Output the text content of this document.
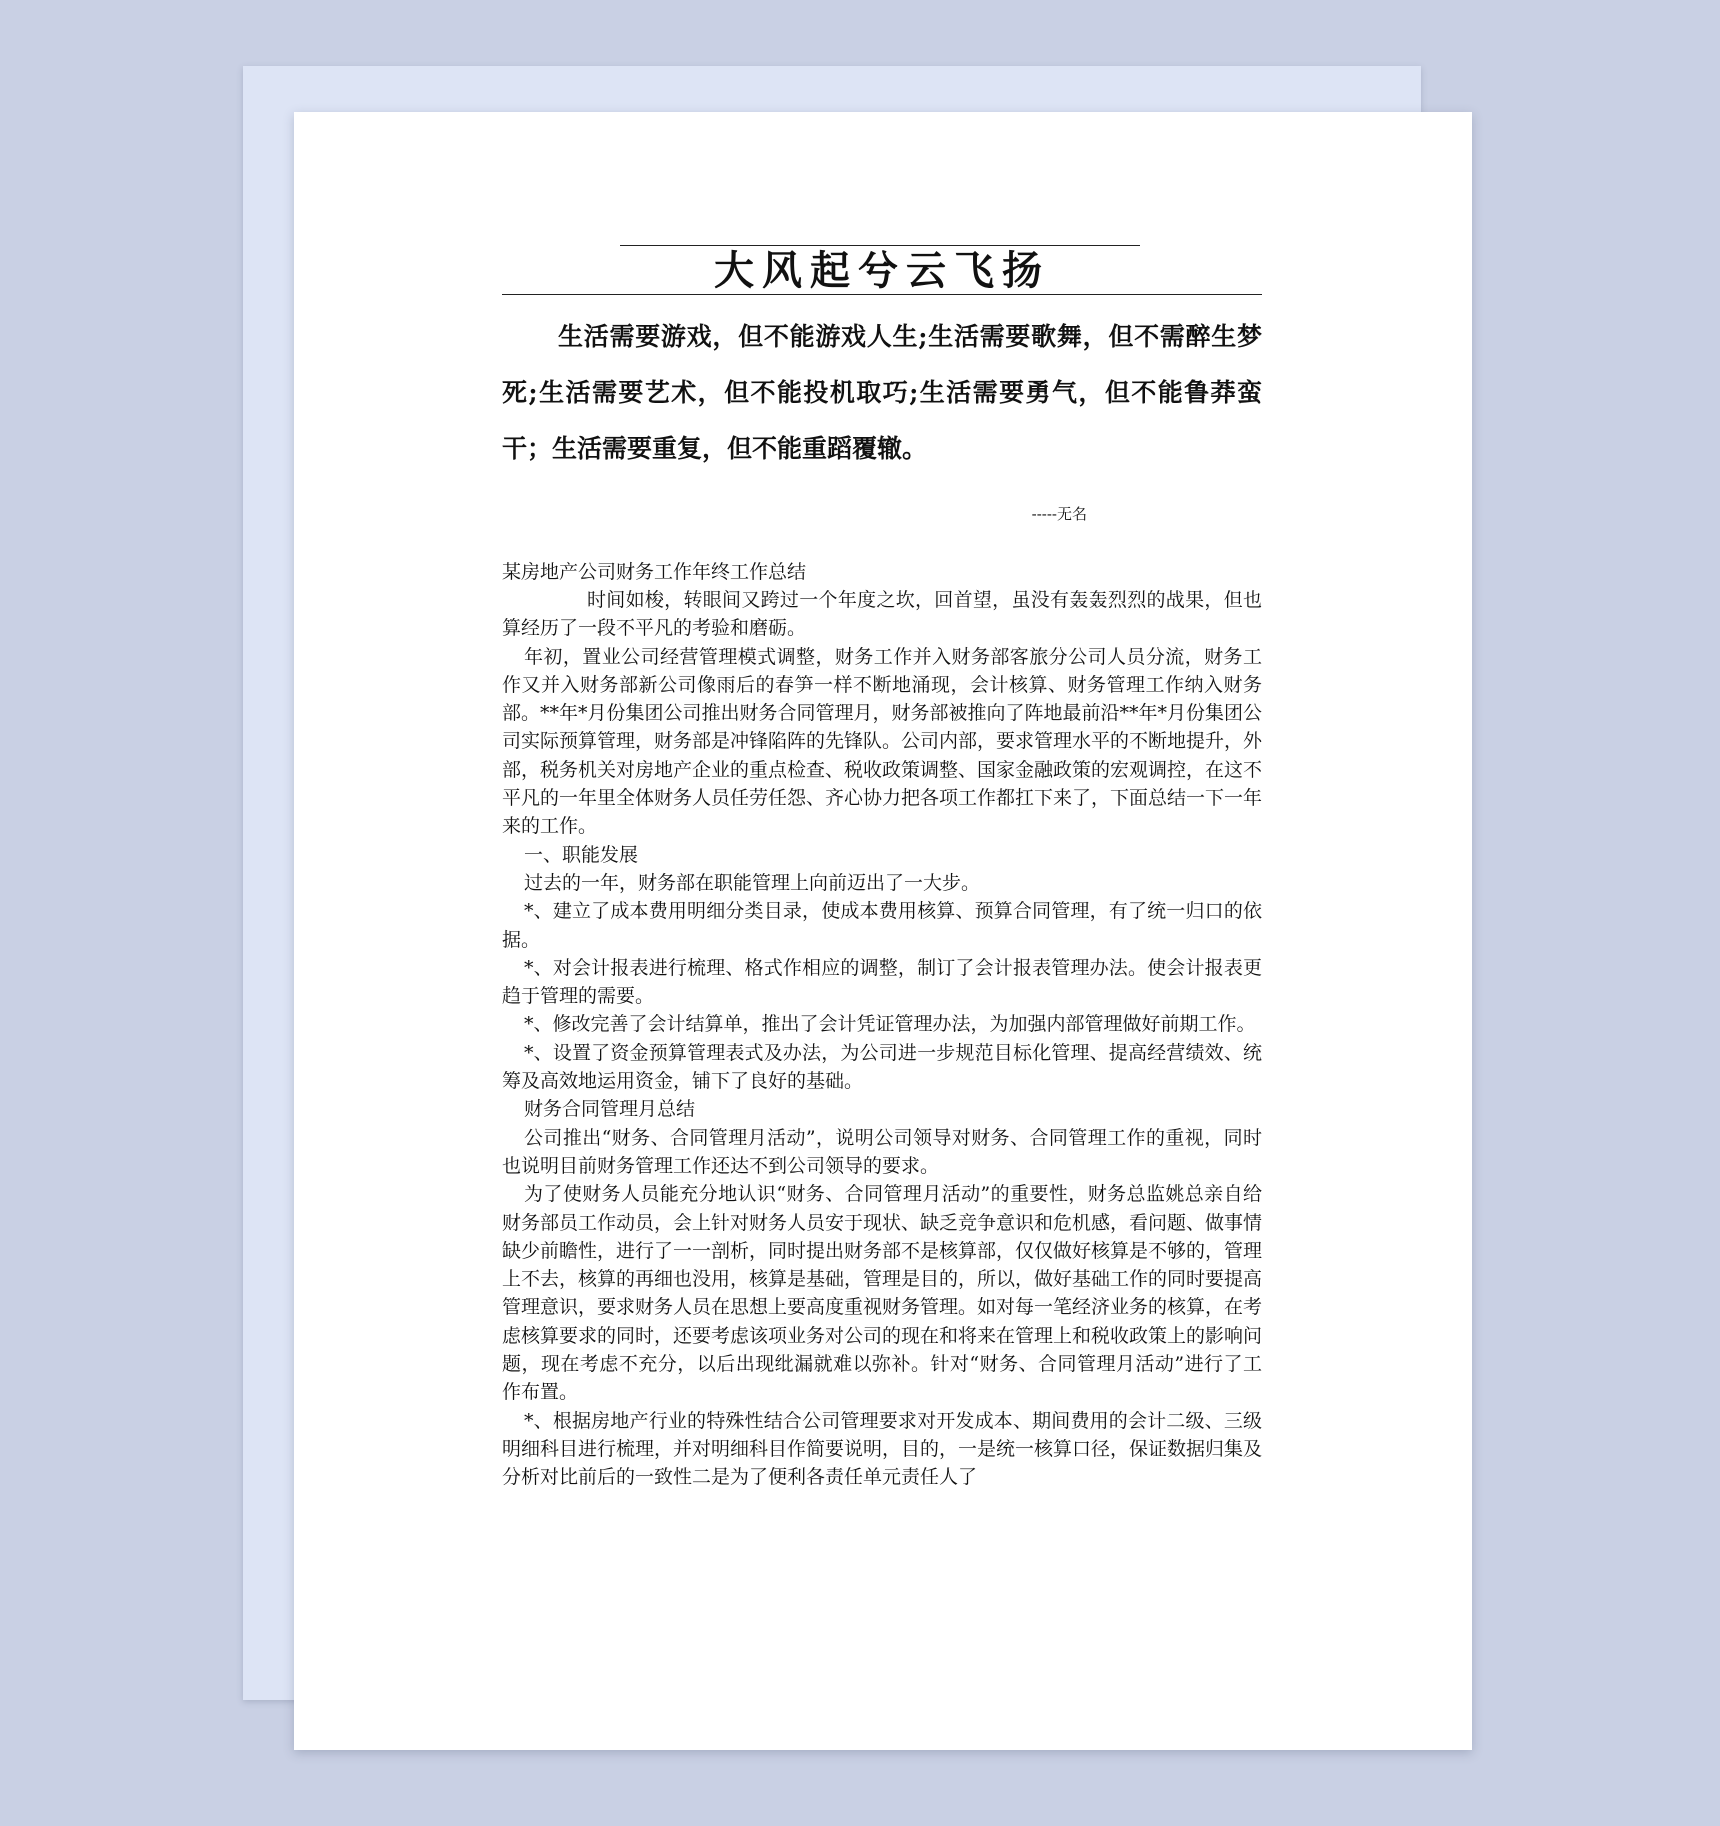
大风起兮云飞扬
生活需要游戏，但不能游戏人生;生活需要歌舞，但不需醉生梦死;生活需要艺术，但不能投机取巧;生活需要勇气，但不能鲁莽蛮干；生活需要重复，但不能重蹈覆辙。
-----无名
某房地产公司财务工作年终工作总结

时间如梭，转眼间又跨过一个年度之坎，回首望，虽没有轰轰烈烈的战果，但也算经历了一段不平凡的考验和磨砺。

年初，置业公司经营管理模式调整，财务工作并入财务部客旅分公司人员分流，财务工作又并入财务部新公司像雨后的春笋一样不断地涌现，会计核算、财务管理工作纳入财务部。**年*月份集团公司推出财务合同管理月，财务部被推向了阵地最前沿**年*月份集团公司实际预算管理，财务部是冲锋陷阵的先锋队。公司内部，要求管理水平的不断地提升，外部，税务机关对房地产企业的重点检查、税收政策调整、国家金融政策的宏观调控，在这不平凡的一年里全体财务人员任劳任怨、齐心协力把各项工作都扛下来了，下面总结一下一年来的工作。

一、职能发展

过去的一年，财务部在职能管理上向前迈出了一大步。

*、建立了成本费用明细分类目录，使成本费用核算、预算合同管理，有了统一归口的依据。

*、对会计报表进行梳理、格式作相应的调整，制订了会计报表管理办法。使会计报表更趋于管理的需要。

*、修改完善了会计结算单，推出了会计凭证管理办法，为加强内部管理做好前期工作。

*、设置了资金预算管理表式及办法，为公司进一步规范目标化管理、提高经营绩效、统筹及高效地运用资金，铺下了良好的基础。

财务合同管理月总结

公司推出“财务、合同管理月活动”，说明公司领导对财务、合同管理工作的重视，同时也说明目前财务管理工作还达不到公司领导的要求。

为了使财务人员能充分地认识“财务、合同管理月活动”的重要性，财务总监姚总亲自给财务部员工作动员，会上针对财务人员安于现状、缺乏竞争意识和危机感，看问题、做事情缺少前瞻性，进行了一一剖析，同时提出财务部不是核算部，仅仅做好核算是不够的，管理上不去，核算的再细也没用，核算是基础，管理是目的，所以，做好基础工作的同时要提高管理意识，要求财务人员在思想上要高度重视财务管理。如对每一笔经济业务的核算，在考虑核算要求的同时，还要考虑该项业务对公司的现在和将来在管理上和税收政策上的影响问题，现在考虑不充分，以后出现纰漏就难以弥补。针对“财务、合同管理月活动”进行了工作布置。

*、根据房地产行业的特殊性结合公司管理要求对开发成本、期间费用的会计二级、三级明细科目进行梳理，并对明细科目作简要说明，目的，一是统一核算口径，保证数据归集及分析对比前后的一致性二是为了便利各责任单元责任人了
